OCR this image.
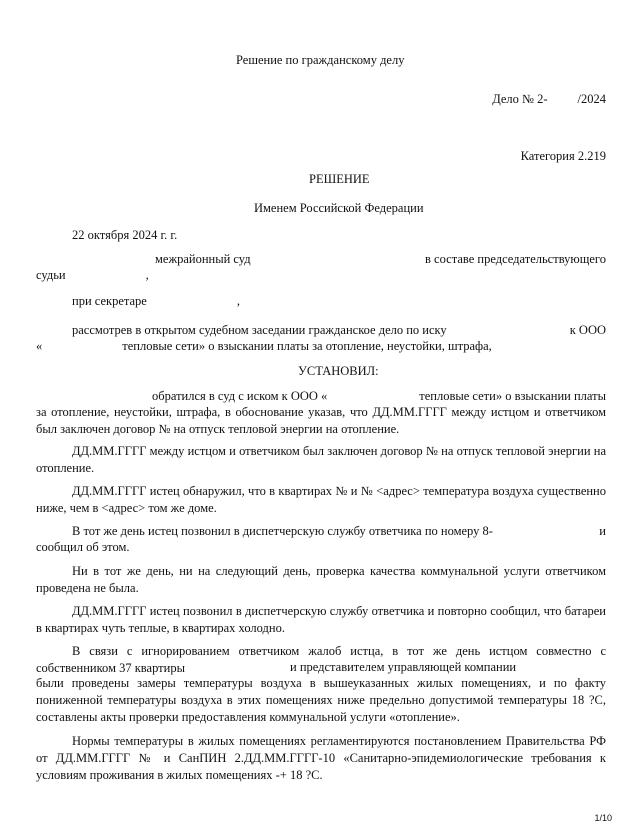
Решение по гражданскому делу
Дело № 2- /2024
Категория 2.219
РЕШЕНИЕ
Именем Российской Федерации
22 октября 2024 г. г.
межрайонный суд	в составе председательствующего
судьи	,
при секретаре	,
рассмотрев в открытом судебном заседании гражданское дело по иску	к ООО
«	тепловые сети» о взыскании платы за отопление, неустойки, штрафа,
УСТАНОВИЛ:
обратился в суд с иском к ООО «	тепловые сети» о взыскании платы
за отопление, неустойки, штрафа, в обоснование указав, что ДД.ММ.ГГГГ между истцом и ответчиком был заключен договор № на отпуск тепловой энергии на отопление.
ДД.ММ.ГГГГ между истцом и ответчиком был заключен договор № на отпуск тепловой энергии на отопление.
ДД.ММ.ГГГГ истец обнаружил, что в квартирах № и № <адрес> температура воздуха существенно ниже, чем в <адрес> том же доме.
В тот же день истец позвонил в диспетчерскую службу ответчика по номеру 8-	и
сообщил об этом.
Ни в тот же день, ни на следующий день, проверка качества коммунальной услуги ответчиком проведена не была.
ДД.ММ.ГГГГ истец позвонил в диспетчерскую службу ответчика и повторно сообщил, что батареи в квартирах чуть теплые, в квартирах холодно.
В связи с игнорированием ответчиком жалоб истца, в тот же день истцом совместно с собственником 37 квартиры	и представителем управляющей компании
были проведены замеры температуры воздуха в вышеуказанных жилых помещениях, и по факту пониженной температуры воздуха в этих помещениях ниже предельно допустимой температуры 18 ?С, составлены акты проверки предоставления коммунальной услуги «отопление».
Нормы температуры в жилых помещениях регламентируются постановлением Правительства РФ от ДД.ММ.ГГГГ № и СанПИН 2.ДД.ММ.ГГГГ-10 «Санитарно-эпидемиологические требования к условиям проживания в жилых помещениях -+ 18 ?С.
1/10
